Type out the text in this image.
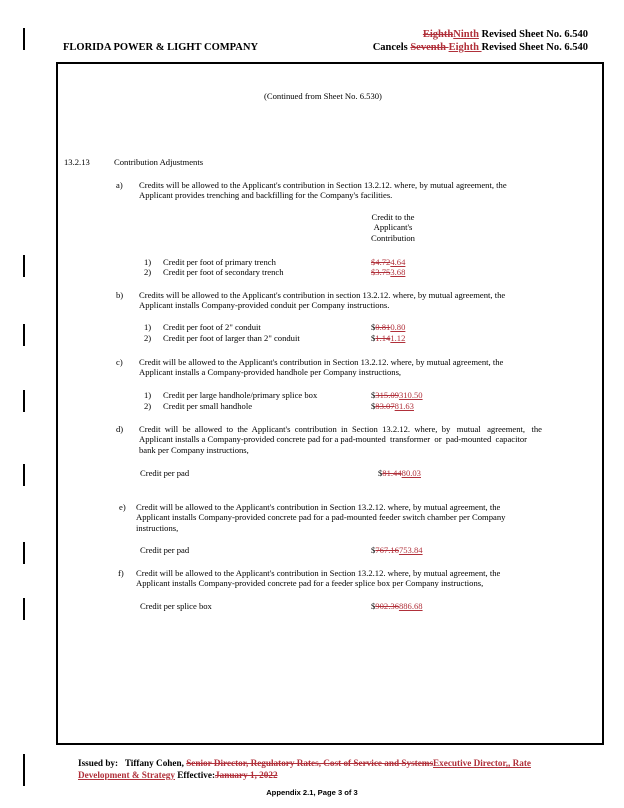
FLORIDA POWER & LIGHT COMPANY
EighthNinth Revised Sheet No. 6.540
Cancels Seventh Eighth Revised Sheet No. 6.540
(Continued from Sheet No. 6.530)
13.2.13	Contribution Adjustments
a) Credits will be allowed to the Applicant's contribution in Section 13.2.12. where, by mutual agreement, the
Applicant provides trenching and backfilling for the Company's facilities.
Credit to the
Applicant's
Contribution
1) Credit per foot of primary trench	$4.724.64
2) Credit per foot of secondary trench	$3.753.68
b) Credits will be allowed to the Applicant's contribution in section 13.2.12. where, by mutual agreement, the
Applicant installs Company-provided conduit per Company instructions.
1) Credit per foot of 2" conduit	$0.810.80
2) Credit per foot of larger than 2" conduit	$1.141.12
c) Credit will be allowed to the Applicant's contribution in Section 13.2.12. where, by mutual agreement, the
Applicant installs a Company-provided handhole per Company instructions,
1) Credit per large handhole/primary splice box	$315.09310.50
2) Credit per small handhole	$83.0781.63
d) Credit  will  be  allowed  to  the  Applicant's  contribution  in  Section  13.2.12.  where,  by   mutual   agreement,   the
Applicant installs a Company-provided concrete pad for a pad-mounted  transformer  or  pad-mounted  capacitor
bank per Company instructions,
Credit per pad	$81.4480.03
e) Credit will be allowed to the Applicant's contribution in Section 13.2.12. where, by mutual agreement, the
Applicant installs Company-provided concrete pad for a pad-mounted feeder switch chamber per Company
instructions,
Credit per pad	$767.16753.84
f) Credit will be allowed to the Applicant's contribution in Section 13.2.12. where, by mutual agreement, the
Applicant installs Company-provided concrete pad for a feeder splice box per Company instructions,
Credit per splice box	$902.36886.68
Issued by: Tiffany Cohen, Senior Director, Regulatory Rates, Cost of Service and SystemsExecutive Director,, Rate
Development & Strategy Effective:January 1, 2022
Appendix 2.1, Page 3 of 3
